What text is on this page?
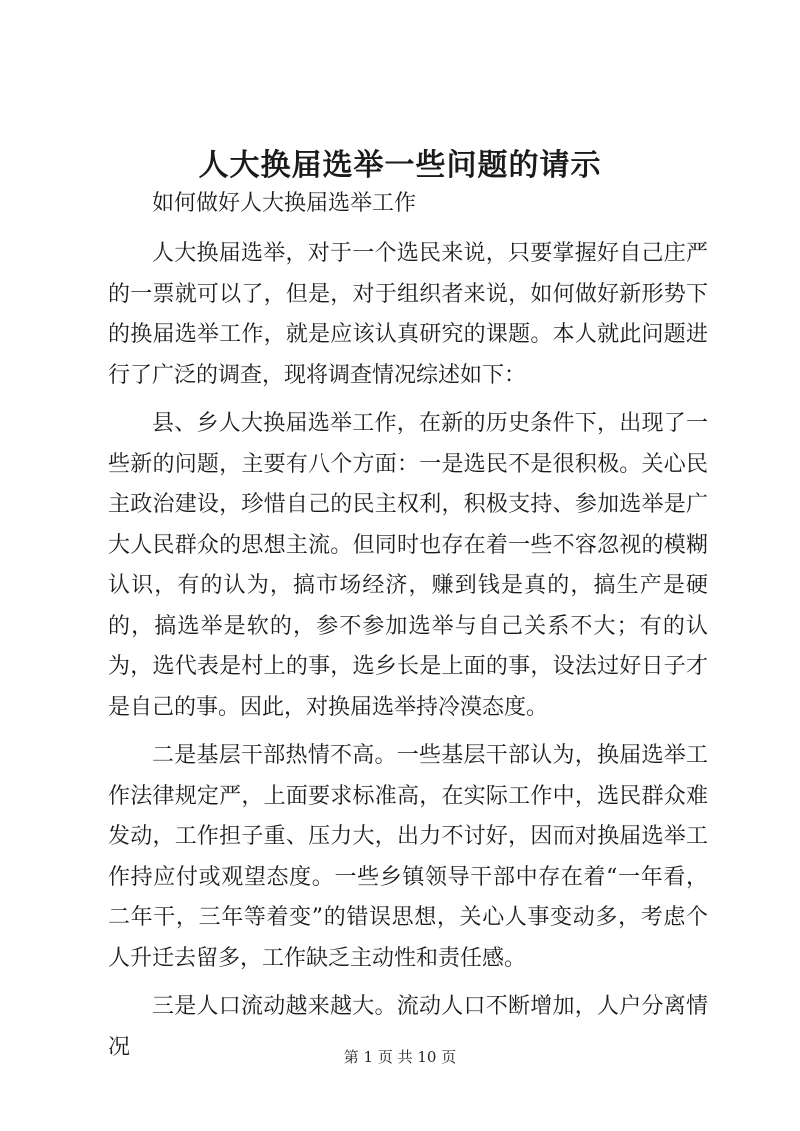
人大换届选举一些问题的请示

如何做好人大换届选举工作

人大换届选举，对于一个选民来说，只要掌握好自己庄严的一票就可以了，但是，对于组织者来说，如何做好新形势下的换届选举工作，就是应该认真研究的课题。本人就此问题进行了广泛的调查，现将调查情况综述如下：

县、乡人大换届选举工作，在新的历史条件下，出现了一些新的问题，主要有八个方面：一是选民不是很积极。关心民主政治建设，珍惜自己的民主权利，积极支持、参加选举是广大人民群众的思想主流。但同时也存在着一些不容忽视的模糊认识，有的认为，搞市场经济，赚到钱是真的，搞生产是硬的，搞选举是软的，参不参加选举与自己关系不大；有的认为，选代表是村上的事，选乡长是上面的事，设法过好日子才是自己的事。因此，对换届选举持冷漠态度。

二是基层干部热情不高。一些基层干部认为，换届选举工作法律规定严，上面要求标准高，在实际工作中，选民群众难发动，工作担子重、压力大，出力不讨好，因而对换届选举工作持应付或观望态度。一些乡镇领导干部中存在着“一年看，二年干，三年等着变”的错误思想，关心人事变动多，考虑个人升迁去留多，工作缺乏主动性和责任感。

三是人口流动越来越大。流动人口不断增加，人户分离情况	第 1 页 共 10 页
